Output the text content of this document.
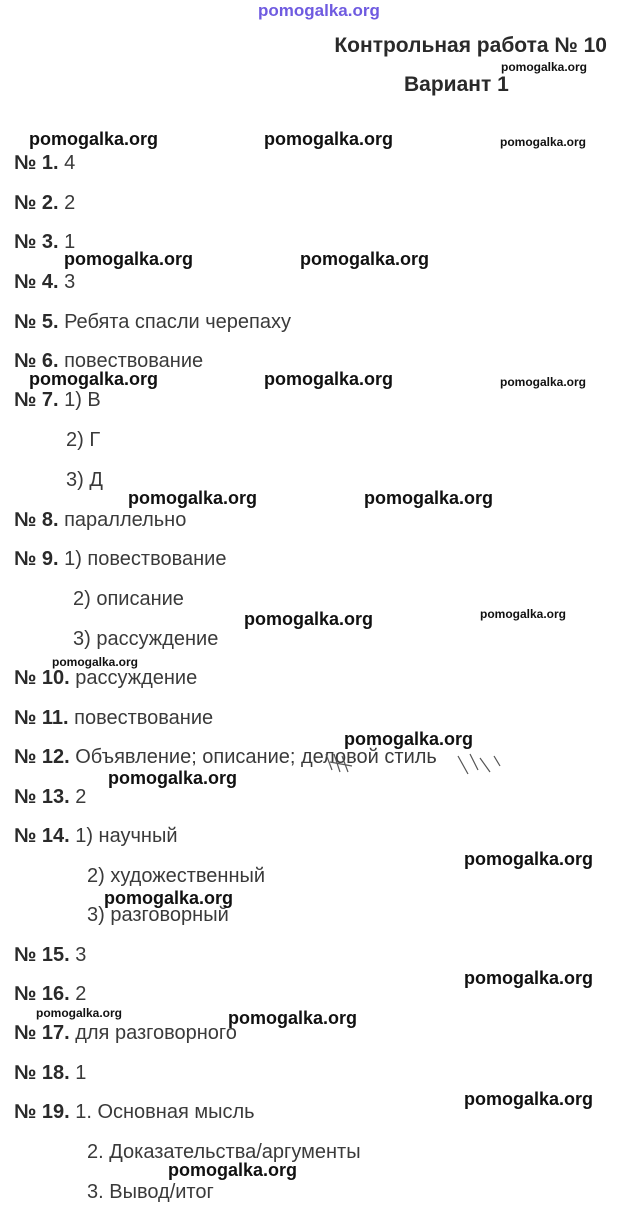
pomogalka.org
Контрольная работа № 10
Вариант 1
№ 1. 4
№ 2. 2
№ 3. 1
№ 4. 3
№ 5. Ребята спасли черепаху
№ 6. повествование
№ 7. 1) В
2) Г
3) Д
№ 8. параллельно
№ 9. 1) повествование
2) описание
3) рассуждение
№ 10. рассуждение
№ 11. повествование
№ 12. Объявление; описание; деловой стиль
№ 13. 2
№ 14. 1) научный
2) художественный
3) разговорный
№ 15. 3
№ 16. 2
№ 17. для разговорного
№ 18. 1
№ 19. 1. Основная мысль
2. Доказательства/аргументы
3. Вывод/итог
pomogalka.org
pomogalka.org	pomogalka.org	pomogalka.org
pomogalka.org	pomogalka.org
pomogalka.org	pomogalka.org	pomogalka.org
pomogalka.org	pomogalka.org
pomogalka.org	pomogalka.org
pomogalka.org
pomogalka.org
pomogalka.org
pomogalka.org
pomogalka.org
pomogalka.org
pomogalka.org	pomogalka.org
pomogalka.org
pomogalka.org
